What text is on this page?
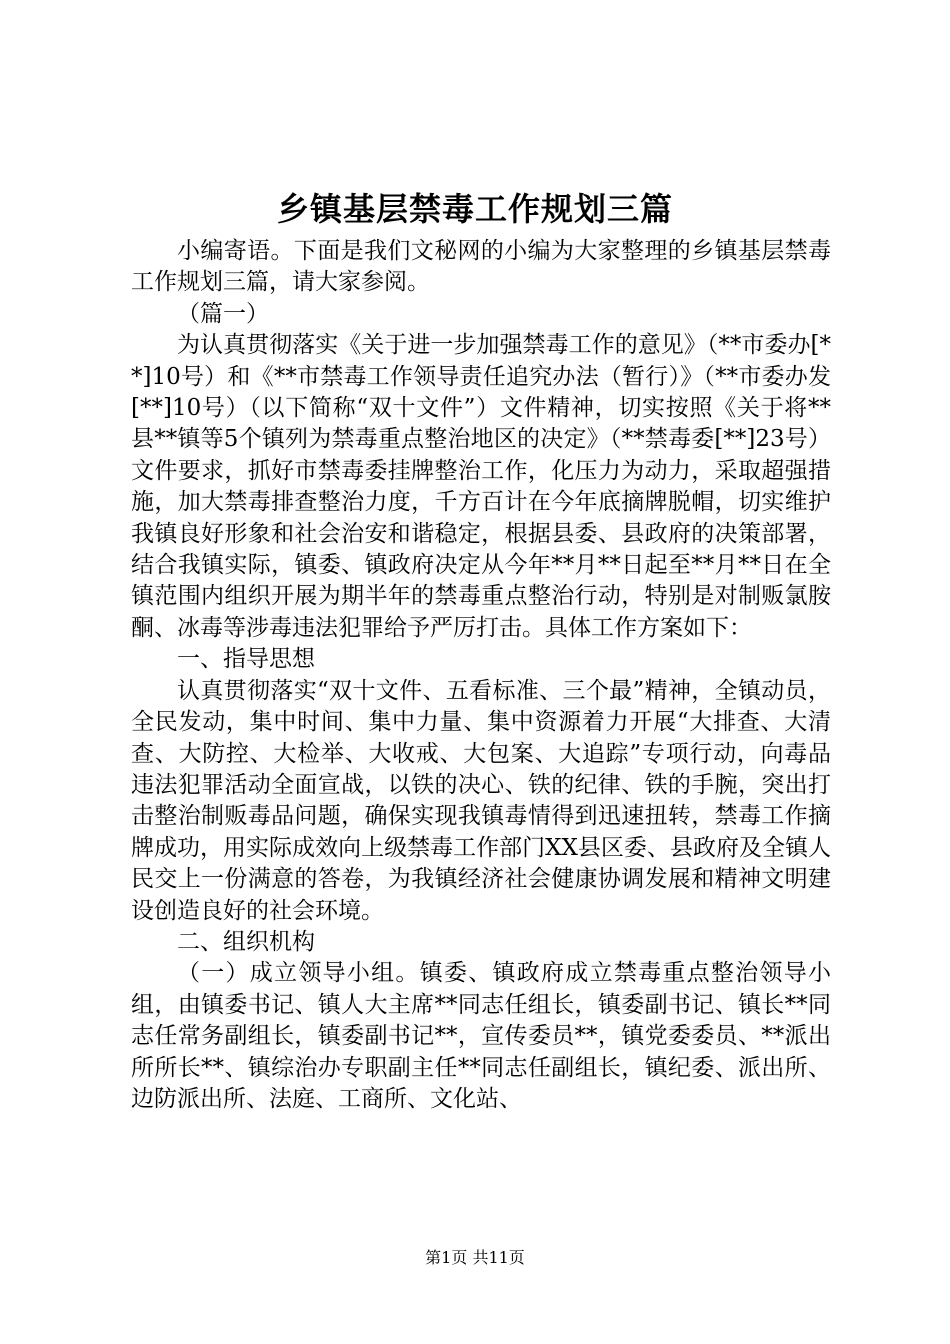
乡镇基层禁毒工作规划三篇

小编寄语。下面是我们文秘网的小编为大家整理的乡镇基层禁毒工作规划三篇，请大家参阅。

（篇一）

为认真贯彻落实《关于进一步加强禁毒工作的意见》（**市委办[**]10号）和《**市禁毒工作领导责任追究办法（暂行）》（**市委办发[**]10号）（以下简称“双十文件”）文件精神，切实按照《关于将**县**镇等5个镇列为禁毒重点整治地区的决定》（**禁毒委[**]23号）文件要求，抓好市禁毒委挂牌整治工作，化压力为动力，采取超强措施，加大禁毒排查整治力度，千方百计在今年底摘牌脱帽，切实维护我镇良好形象和社会治安和谐稳定，根据县委、县政府的决策部署，结合我镇实际，镇委、镇政府决定从今年**月**日起至**月**日在全镇范围内组织开展为期半年的禁毒重点整治行动，特别是对制贩氯胺酮、冰毒等涉毒违法犯罪给予严厉打击。具体工作方案如下：

一、指导思想

认真贯彻落实“双十文件、五看标准、三个最”精神，全镇动员，全民发动，集中时间、集中力量、集中资源着力开展“大排查、大清查、大防控、大检举、大收戒、大包案、大追踪”专项行动，向毒品违法犯罪活动全面宣战，以铁的决心、铁的纪律、铁的手腕，突出打击整治制贩毒品问题，确保实现我镇毒情得到迅速扭转，禁毒工作摘牌成功，用实际成效向上级禁毒工作部门XX县区委、县政府及全镇人民交上一份满意的答卷，为我镇经济社会健康协调发展和精神文明建设创造良好的社会环境。

二、组织机构

（一）成立领导小组。镇委、镇政府成立禁毒重点整治领导小组，由镇委书记、镇人大主席**同志任组长，镇委副书记、镇长**同志任常务副组长，镇委副书记**，宣传委员**，镇党委委员、**派出所所长**、镇综治办专职副主任**同志任副组长，镇纪委、派出所、边防派出所、法庭、工商所、文化站、

第1页 共11页
